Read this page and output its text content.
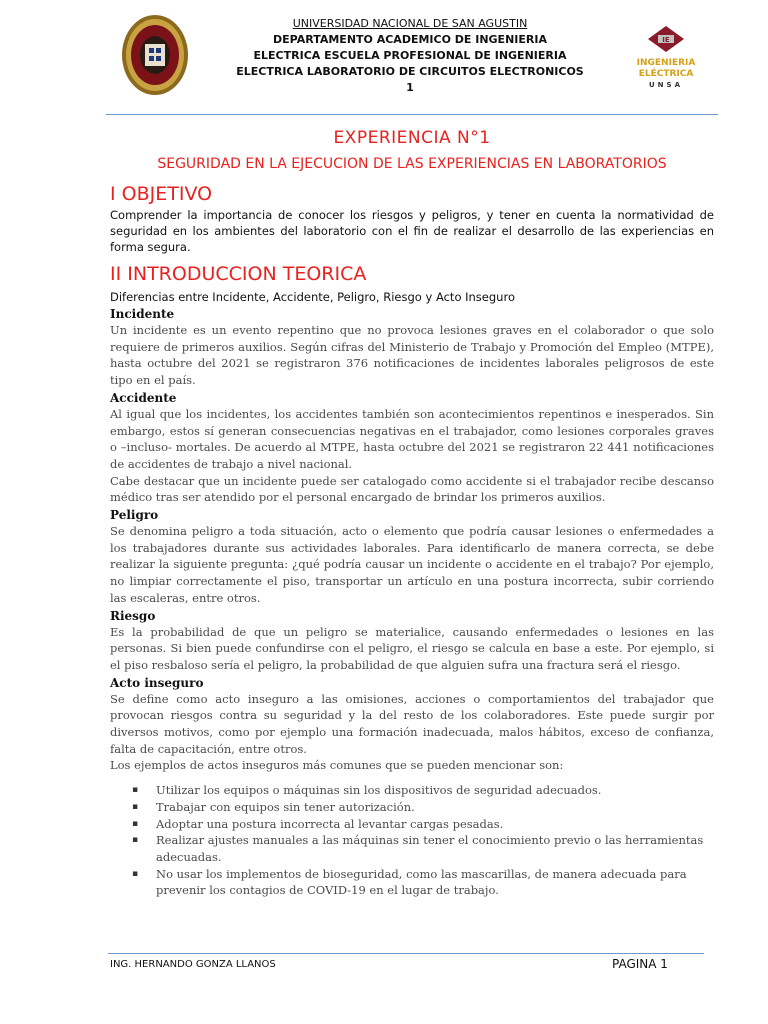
UNIVERSIDAD NACIONAL DE SAN AGUSTIN
DEPARTAMENTO ACADEMICO DE INGENIERIA
ELECTRICA ESCUELA PROFESIONAL DE INGENIERIA
ELECTRICA LABORATORIO DE CIRCUITOS ELECTRONICOS
1
IE
INGENIERIA
ELÉCTRICA
UNSA
EXPERIENCIA N°1
SEGURIDAD EN LA EJECUCION DE LAS EXPERIENCIAS EN LABORATORIOS
I OBJETIVO

Comprender la importancia de conocer los riesgos y peligros, y tener en cuenta la normatividad de seguridad en los ambientes del laboratorio con el fin de realizar el desarrollo de las experiencias en forma segura.

II INTRODUCCION TEORICA

Diferencias entre Incidente, Accidente, Peligro, Riesgo y Acto Inseguro

Incidente

Un incidente es un evento repentino que no provoca lesiones graves en el colaborador o que solo requiere de primeros auxilios. Según cifras del Ministerio de Trabajo y Promoción del Empleo (MTPE), hasta octubre del 2021 se registraron 376 notificaciones de incidentes laborales peligrosos de este tipo en el país.

Accidente

Al igual que los incidentes, los accidentes también son acontecimientos repentinos e inesperados. Sin embargo, estos sí generan consecuencias negativas en el trabajador, como lesiones corporales graves o –incluso- mortales. De acuerdo al MTPE, hasta octubre del 2021 se registraron 22 441 notificaciones de accidentes de trabajo a nivel nacional.

Cabe destacar que un incidente puede ser catalogado como accidente si el trabajador recibe descanso médico tras ser atendido por el personal encargado de brindar los primeros auxilios.

Peligro

Se denomina peligro a toda situación, acto o elemento que podría causar lesiones o enfermedades a los trabajadores durante sus actividades laborales. Para identificarlo de manera correcta, se debe realizar la siguiente pregunta: ¿qué podría causar un incidente o accidente en el trabajo? Por ejemplo, no limpiar correctamente el piso, transportar un artículo en una postura incorrecta, subir corriendo las escaleras, entre otros.

Riesgo

Es la probabilidad de que un peligro se materialice, causando enfermedades o lesiones en las personas. Si bien puede confundirse con el peligro, el riesgo se calcula en base a este. Por ejemplo, si el piso resbaloso sería el peligro, la probabilidad de que alguien sufra una fractura será el riesgo.

Acto inseguro

Se define como acto inseguro a las omisiones, acciones o comportamientos del trabajador que provocan riesgos contra su seguridad y la del resto de los colaboradores. Este puede surgir por diversos motivos, como por ejemplo una formación inadecuada, malos hábitos, exceso de confianza, falta de capacitación, entre otros.

Los ejemplos de actos inseguros más comunes que se pueden mencionar son:

▪ Utilizar los equipos o máquinas sin los dispositivos de seguridad adecuados.
▪ Trabajar con equipos sin tener autorización.
▪ Adoptar una postura incorrecta al levantar cargas pesadas.
▪ Realizar ajustes manuales a las máquinas sin tener el conocimiento previo o las herramientas adecuadas.
▪ No usar los implementos de bioseguridad, como las mascarillas, de manera adecuada para prevenir los contagios de COVID-19 en el lugar de trabajo.
ING. HERNANDO GONZA LLANOS	PAGINA 1
